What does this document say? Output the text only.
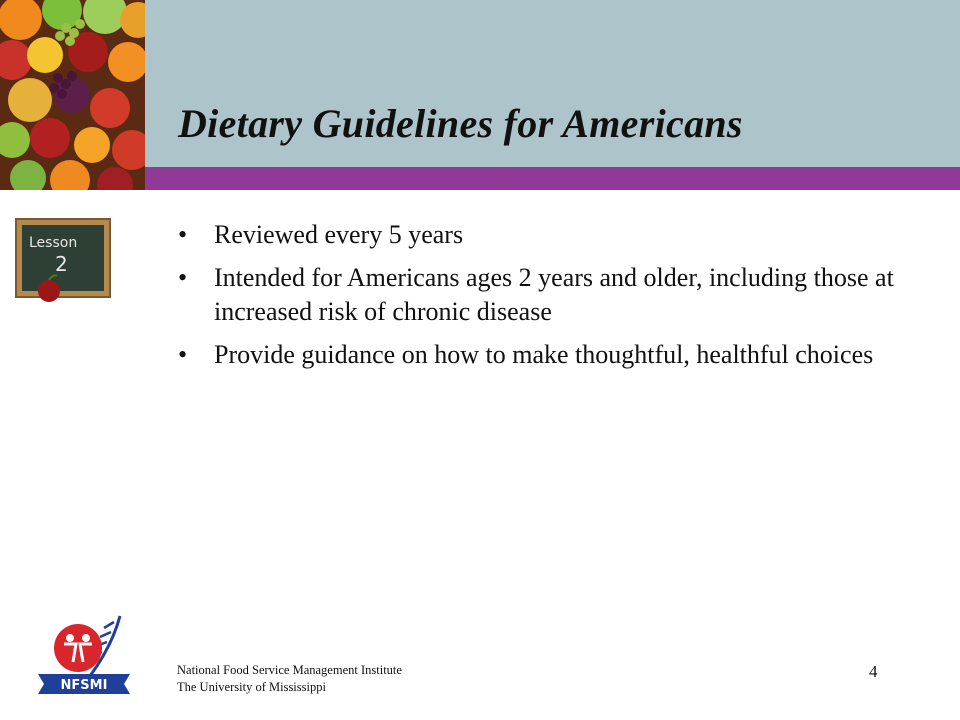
Dietary Guidelines for Americans
Lesson
2
• Reviewed every 5 years
• Intended for Americans ages 2 years and older, including those at increased risk of chronic disease
• Provide guidance on how to make thoughtful, healthful choices
NFSMI
National Food Service Management Institute
The University of Mississippi
4
